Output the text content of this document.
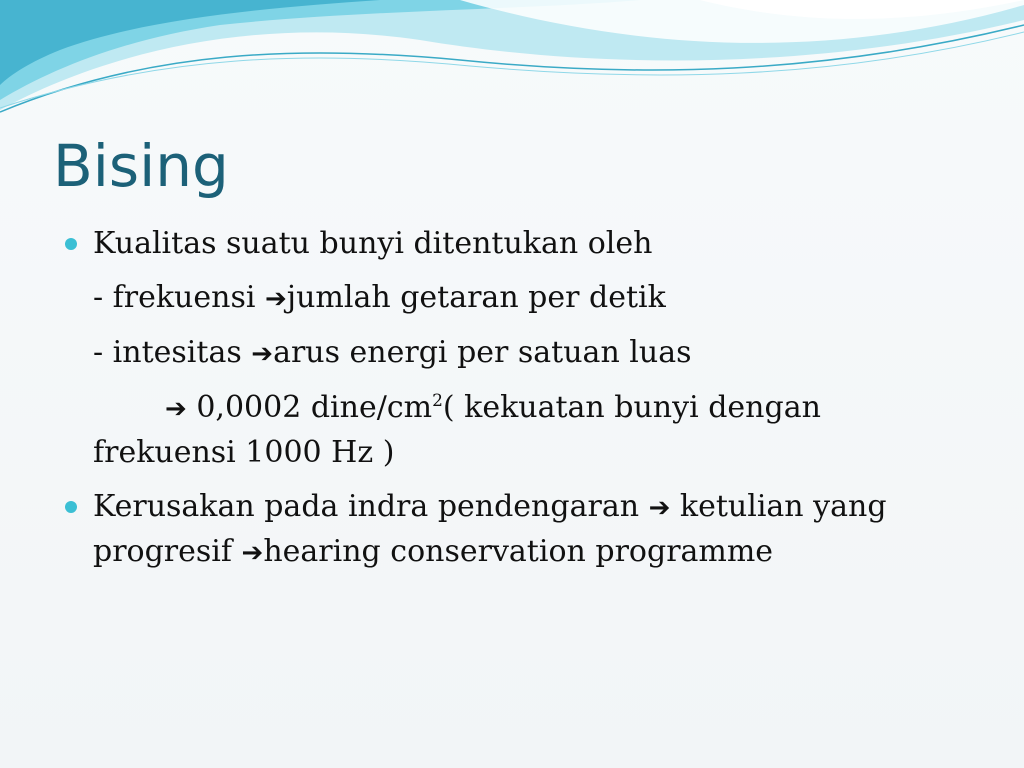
Bising
Kualitas suatu bunyi ditentukan oleh
- frekuensi ➔jumlah getaran per detik
- intesitas ➔arus energi per satuan luas
➔ 0,0002 dine/$cm^2$( kekuatan bunyi dengan
frekuensi 1000 Hz )
Kerusakan pada indra pendengaran ➔ ketulian yang
progresif ➔hearing conservation programme
